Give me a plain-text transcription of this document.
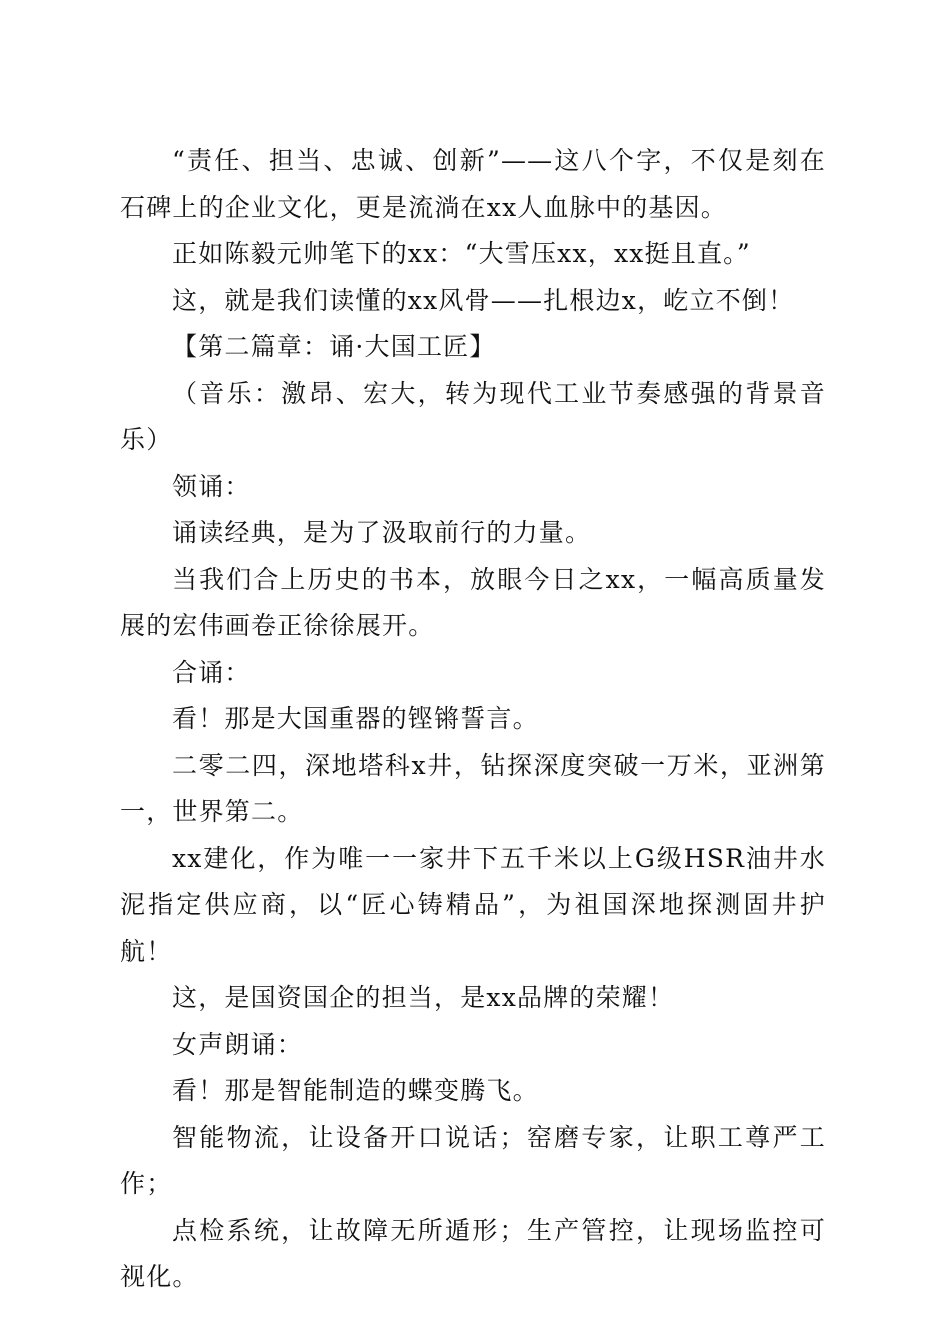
“责任、担当、忠诚、创新”——这八个字，不仅是刻在石碑上的企业文化，更是流淌在xx人血脉中的基因。

正如陈毅元帅笔下的xx：“大雪压xx，xx挺且直。”

这，就是我们读懂的xx风骨——扎根边x，屹立不倒！

【第二篇章：诵·大国工匠】

（音乐：激昂、宏大，转为现代工业节奏感强的背景音乐）

领诵：

诵读经典，是为了汲取前行的力量。

当我们合上历史的书本，放眼今日之xx，一幅高质量发展的宏伟画卷正徐徐展开。

合诵：

看！那是大国重器的铿锵誓言。

二零二四，深地塔科x井，钻探深度突破一万米，亚洲第一，世界第二。

xx建化，作为唯一一家井下五千米以上G级HSR油井水泥指定供应商，以“匠心铸精品”，为祖国深地探测固井护航！

这，是国资国企的担当，是xx品牌的荣耀！

女声朗诵：

看！那是智能制造的蝶变腾飞。

智能物流，让设备开口说话；窑磨专家，让职工尊严工作；

点检系统，让故障无所遁形；生产管控，让现场监控可视化。
